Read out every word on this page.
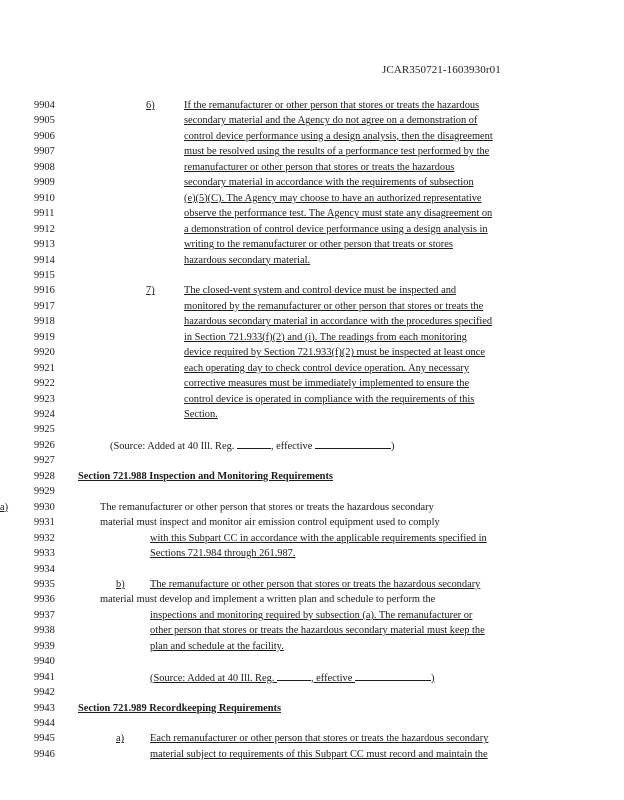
JCAR350721-1603930r01
9904	6)	If the remanufacturer or other person that stores or treats the hazardous
9905	secondary material and the Agency do not agree on a demonstration of
9906	control device performance using a design analysis, then the disagreement
9907	must be resolved using the results of a performance test performed by the
9908	remanufacturer or other person that stores or treats the hazardous
9909	secondary material in accordance with the requirements of subsection
9910	(e)(5)(C). The Agency may choose to have an authorized representative
9911	observe the performance test. The Agency must state any disagreement on
9912	a demonstration of control device performance using a design analysis in
9913	writing to the remanufacturer or other person that treats or stores
9914	hazardous secondary material.
9915
9916	7)	The closed-vent system and control device must be inspected and
9917	monitored by the remanufacturer or other person that stores or treats the
9918	hazardous secondary material in accordance with the procedures specified
9919	in Section 721.933(f)(2) and (i). The readings from each monitoring
9920	device required by Section 721.933(f)(2) must be inspected at least once
9921	each operating day to check control device operation. Any necessary
9922	corrective measures must be immediately implemented to ensure the
9923	control device is operated in compliance with the requirements of this
9924	Section.
9925
9926	(Source: Added at 40 Ill. Reg.	, effective	)
9927
9928	Section 721.988 Inspection and Monitoring Requirements
9929
9930
a)	The remanufacturer or other person that stores or treats the hazardous secondary
9931	material must inspect and monitor air emission control equipment used to comply
9932	with this Subpart CC in accordance with the applicable requirements specified in
9933	Sections 721.984 through 261.987.
9934
9935	b) The remanufacture or other person that stores or treats the hazardous secondary
9936	material must develop and implement a written plan and schedule to perform the
9937	inspections and monitoring required by subsection (a). The remanufacturer or
9938	other person that stores or treats the hazardous secondary material must keep the
9939	plan and schedule at the facility.
9940
9941	(Source: Added at 40 Ill. Reg.	, effective	)
9942
9943	Section 721.989 Recordkeeping Requirements
9944
9945	a) Each remanufacturer or other person that stores or treats the hazardous secondary
9946	material subject to requirements of this Subpart CC must record and maintain the
